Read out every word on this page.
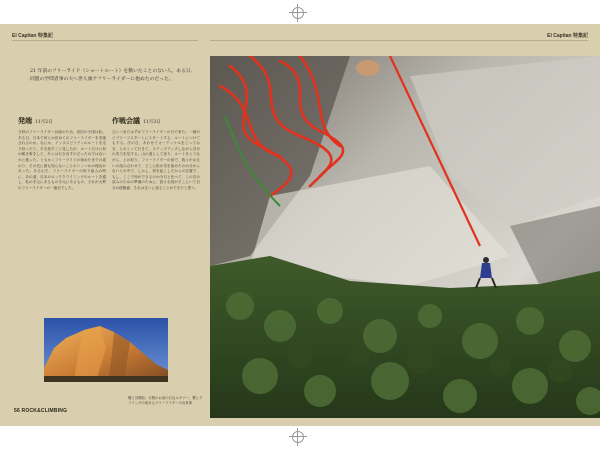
El Capitan 特集記

21 年前のフリーライド（ショートルート）を動いたことのない人。ある日、同盟の学問者事の大へ世人旗アフリーライダーに抱めたのだった。

発端 11月2日

今回のフリーライダー計画のため、初回の小国は私。ある日、日本で何とか初めてのフリーライダーを実施されるのか。なにか、インポスビリティのルートを走り回ったり、手を放すこと見したが、ルートだけに何の解き事をして、あとは行き出すのだったのではないかと進った。ともかくフリーライドの始めたまでの道のり、その先に最も知らないことのいくつかの理由があった。ある山で、フリーライダーの取り組みの時に、あの道、日本のロッククライミングのルートを通し、私の手元にあるもの手元にあるもの、それが大勢のフリーライダーの一番目でした。

作戦会議 11月3日

ひとつまたはずがフリーライダーの日で来た。一緒のビブリーフスタートにスタートする、ルートにつけてもする。次の日、あわせてオーデッケルをとっておき、とのくって行きて、ステップアップしながら自分の実力を見する。山の道として登り、ルートをとりながら、上の取り、フリーライダーの前で、我々がお互いの組み合わせて、どこに私が気を留めたのか分からないとの中で、しかし、何を起こしたからの位置で、もし、ここで何ができるのか今日と比べて、この次の試みのための準備のために、我々全員がそこにいて自分の経験値、それは互いに登ることができたと思う。

鷲と谷間前、行程のお前の日なルヤナー、鷲とクライングの前あるフリーライダーの出来事

56 ROCK&CLIMBING
El Capitan 特集記
